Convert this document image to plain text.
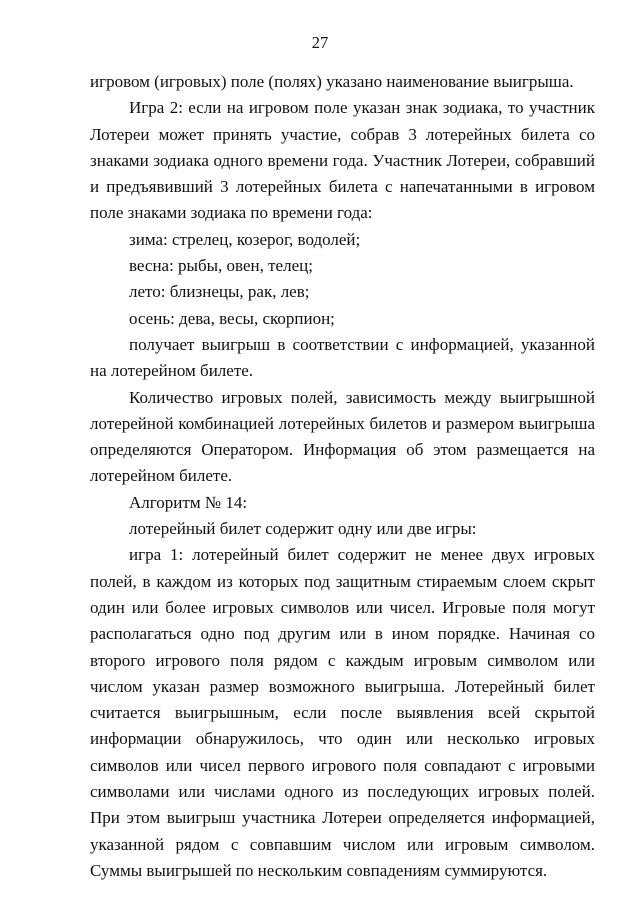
27

игровом (игровых) поле (полях) указано наименование выигрыша.

Игра 2: если на игровом поле указан знак зодиака, то участник Лотереи может принять участие, собрав 3 лотерейных билета со знаками зодиака одного времени года. Участник Лотереи, собравший и предъявивший 3 лотерейных билета с напечатанными в игровом поле знаками зодиака по времени года:

зима: стрелец, козерог, водолей;

весна: рыбы, овен, телец;

лето: близнецы, рак, лев;

осень: дева, весы, скорпион;

получает выигрыш в соответствии с информацией, указанной на лотерейном билете.

Количество игровых полей, зависимость между выигрышной лотерейной комбинацией лотерейных билетов и размером выигрыша определяются Оператором. Информация об этом размещается на лотерейном билете.

Алгоритм № 14:

лотерейный билет содержит одну или две игры:

игра 1: лотерейный билет содержит не менее двух игровых полей, в каждом из которых под защитным стираемым слоем скрыт один или более игровых символов или чисел. Игровые поля могут располагаться одно под другим или в ином порядке. Начиная со второго игрового поля рядом с каждым игровым символом или числом указан размер возможного выигрыша. Лотерейный билет считается выигрышным, если после выявления всей скрытой информации обнаружилось, что один или несколько игровых символов или чисел первого игрового поля совпадают с игровыми символами или числами одного из последующих игровых полей. При этом выигрыш участника Лотереи определяется информацией, указанной рядом с совпавшим числом или игровым символом. Суммы выигрышей по нескольким совпадениям суммируются.
